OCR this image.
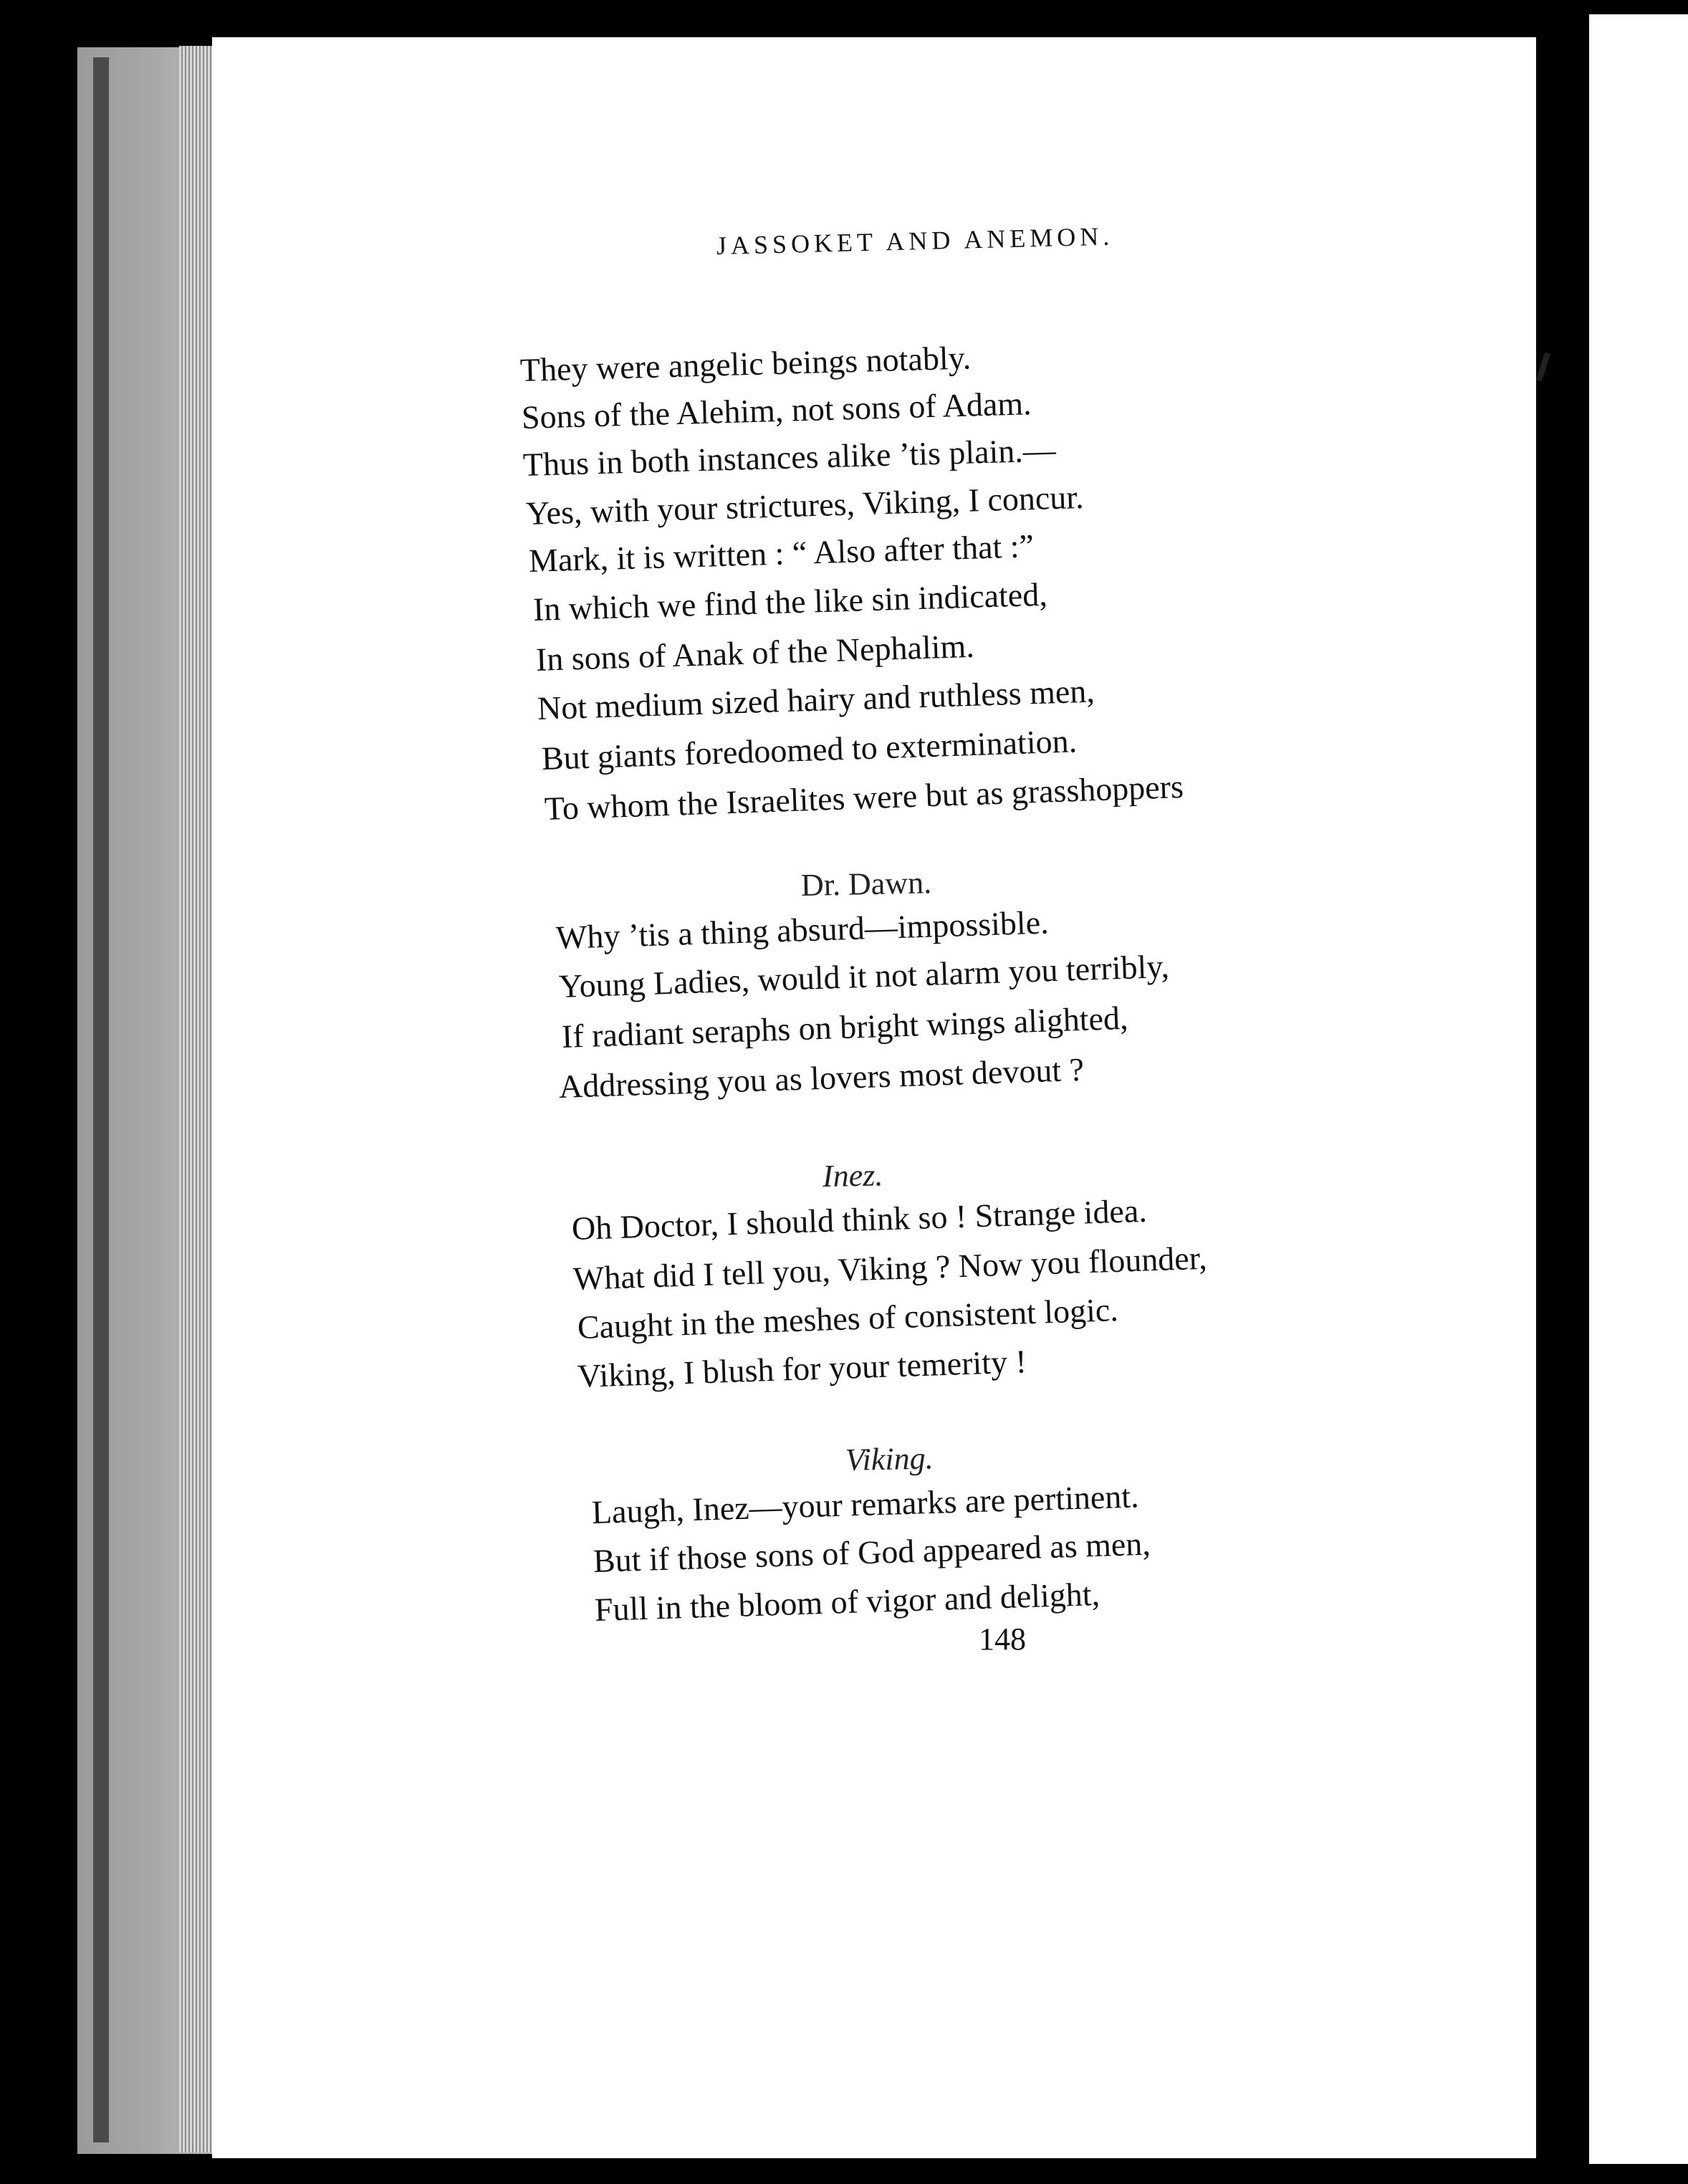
JASSOKET AND ANEMON.
They were angelic beings notably.
Sons of the Alehim, not sons of Adam.
Thus in both instances alike ’tis plain.—
Yes, with your strictures, Viking, I concur.
Mark, it is written : “ Also after that :”
In which we find the like sin indicated,
In sons of Anak of the Nephalim.
Not medium sized hairy and ruthless men,
But giants foredoomed to extermination.
To whom the Israelites were but as grasshoppers
Dr. Dawn.
Why ’tis a thing absurd—impossible.
Young Ladies, would it not alarm you terribly,
If radiant seraphs on bright wings alighted,
Addressing you as lovers most devout ?
Inez.
Oh Doctor, I should think so ! Strange idea.
What did I tell you, Viking ? Now you flounder,
Caught in the meshes of consistent logic.
Viking, I blush for your temerity !
Viking.
Laugh, Inez—your remarks are pertinent.
But if those sons of God appeared as men,
Full in the bloom of vigor and delight,
148
